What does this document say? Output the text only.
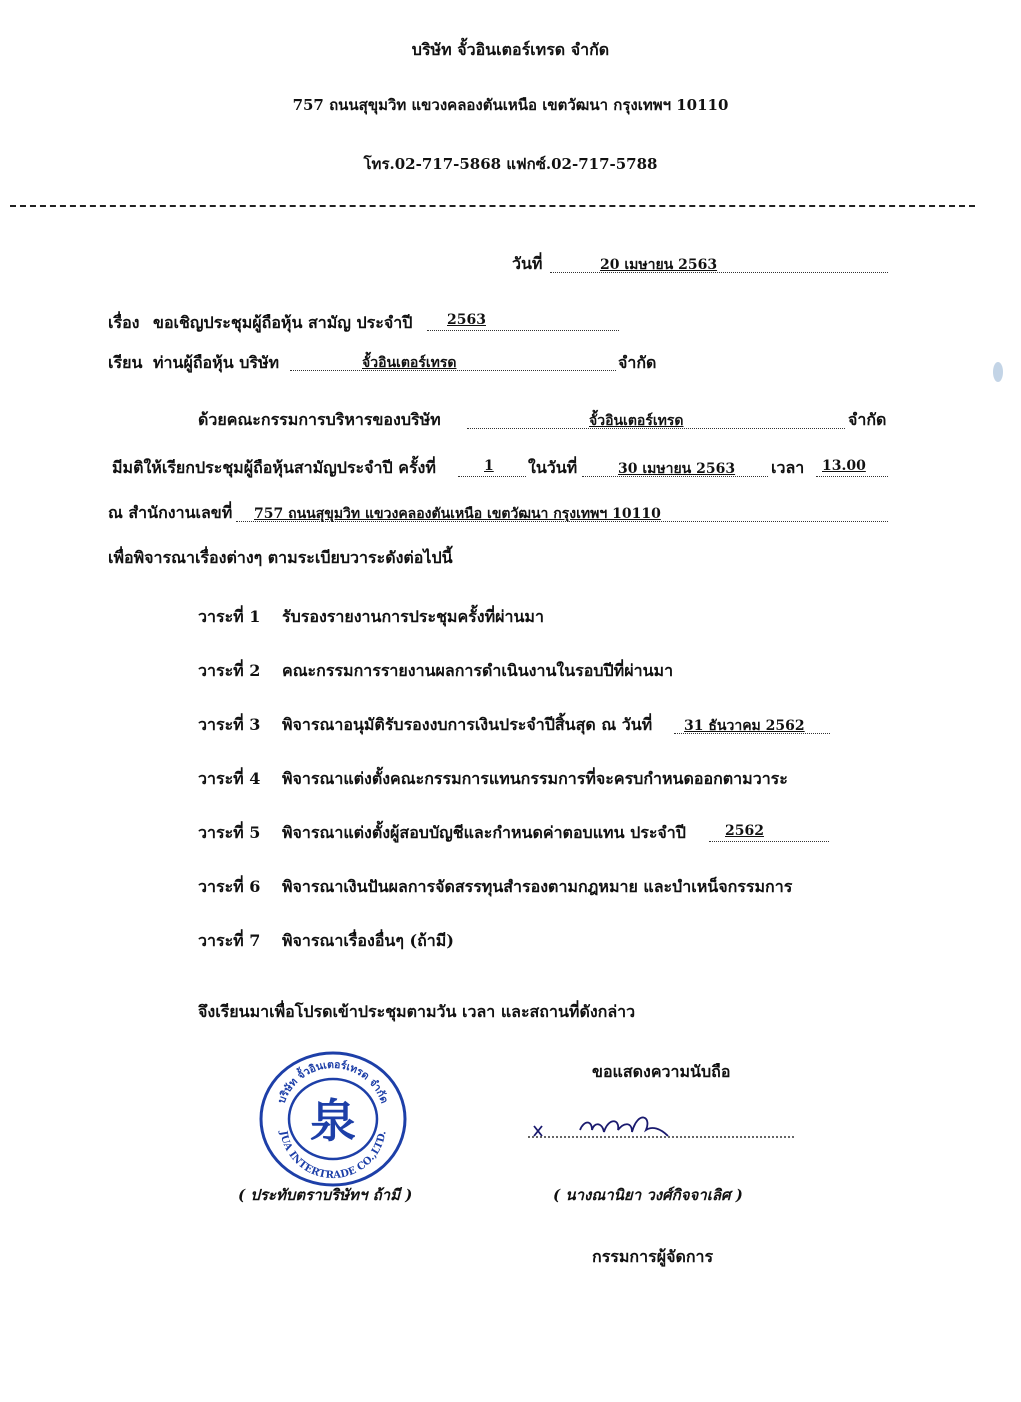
บริษัท จั้วอินเตอร์เทรด จำกัด
757 ถนนสุขุมวิท แขวงคลองตันเหนือ เขตวัฒนา กรุงเทพฯ 10110
โทร.02-717-5868 แฟกซ์.02-717-5788
วันที่	20 เมษายน 2563
เรื่อง ขอเชิญประชุมผู้ถือหุ้น สามัญ ประจำปี	2563
เรียน ท่านผู้ถือหุ้น บริษัท	จั้วอินเตอร์เทรด	จำกัด
ด้วยคณะกรรมการบริหารของบริษัท	จั้วอินเตอร์เทรด	จำกัด
มีมติให้เรียกประชุมผู้ถือหุ้นสามัญประจำปี ครั้งที่	1	ในวันที่	30 เมษายน 2563	เวลา	13.00
ณ สำนักงานเลขที่	757 ถนนสุขุมวิท แขวงคลองตันเหนือ เขตวัฒนา กรุงเทพฯ 10110
เพื่อพิจารณาเรื่องต่างๆ ตามระเบียบวาระดังต่อไปนี้
วาระที่ 1 รับรองรายงานการประชุมครั้งที่ผ่านมา
วาระที่ 2 คณะกรรมการรายงานผลการดำเนินงานในรอบปีที่ผ่านมา
วาระที่ 3 พิจารณาอนุมัติรับรองงบการเงินประจำปีสิ้นสุด ณ วันที่	31 ธันวาคม 2562
วาระที่ 4 พิจารณาแต่งตั้งคณะกรรมการแทนกรรมการที่จะครบกำหนดออกตามวาระ
วาระที่ 5 พิจารณาแต่งตั้งผู้สอบบัญชีและกำหนดค่าตอบแทน ประจำปี	2562
วาระที่ 6 พิจารณาเงินปันผลการจัดสรรทุนสำรองตามกฎหมาย และบำเหน็จกรรมการ
วาระที่ 7 พิจารณาเรื่องอื่นๆ (ถ้ามี)
จึงเรียนมาเพื่อโปรดเข้าประชุมตามวัน เวลา และสถานที่ดังกล่าว
บริษัท จั้วอินเตอร์เทรด จำกัด
JUA INTERTRADE CO.,LTD.
泉
( ประทับตราบริษัทฯ ถ้ามี )
ขอแสดงความนับถือ
( นางณานิยา วงศ์กิจจาเลิศ )
กรรมการผู้จัดการ
